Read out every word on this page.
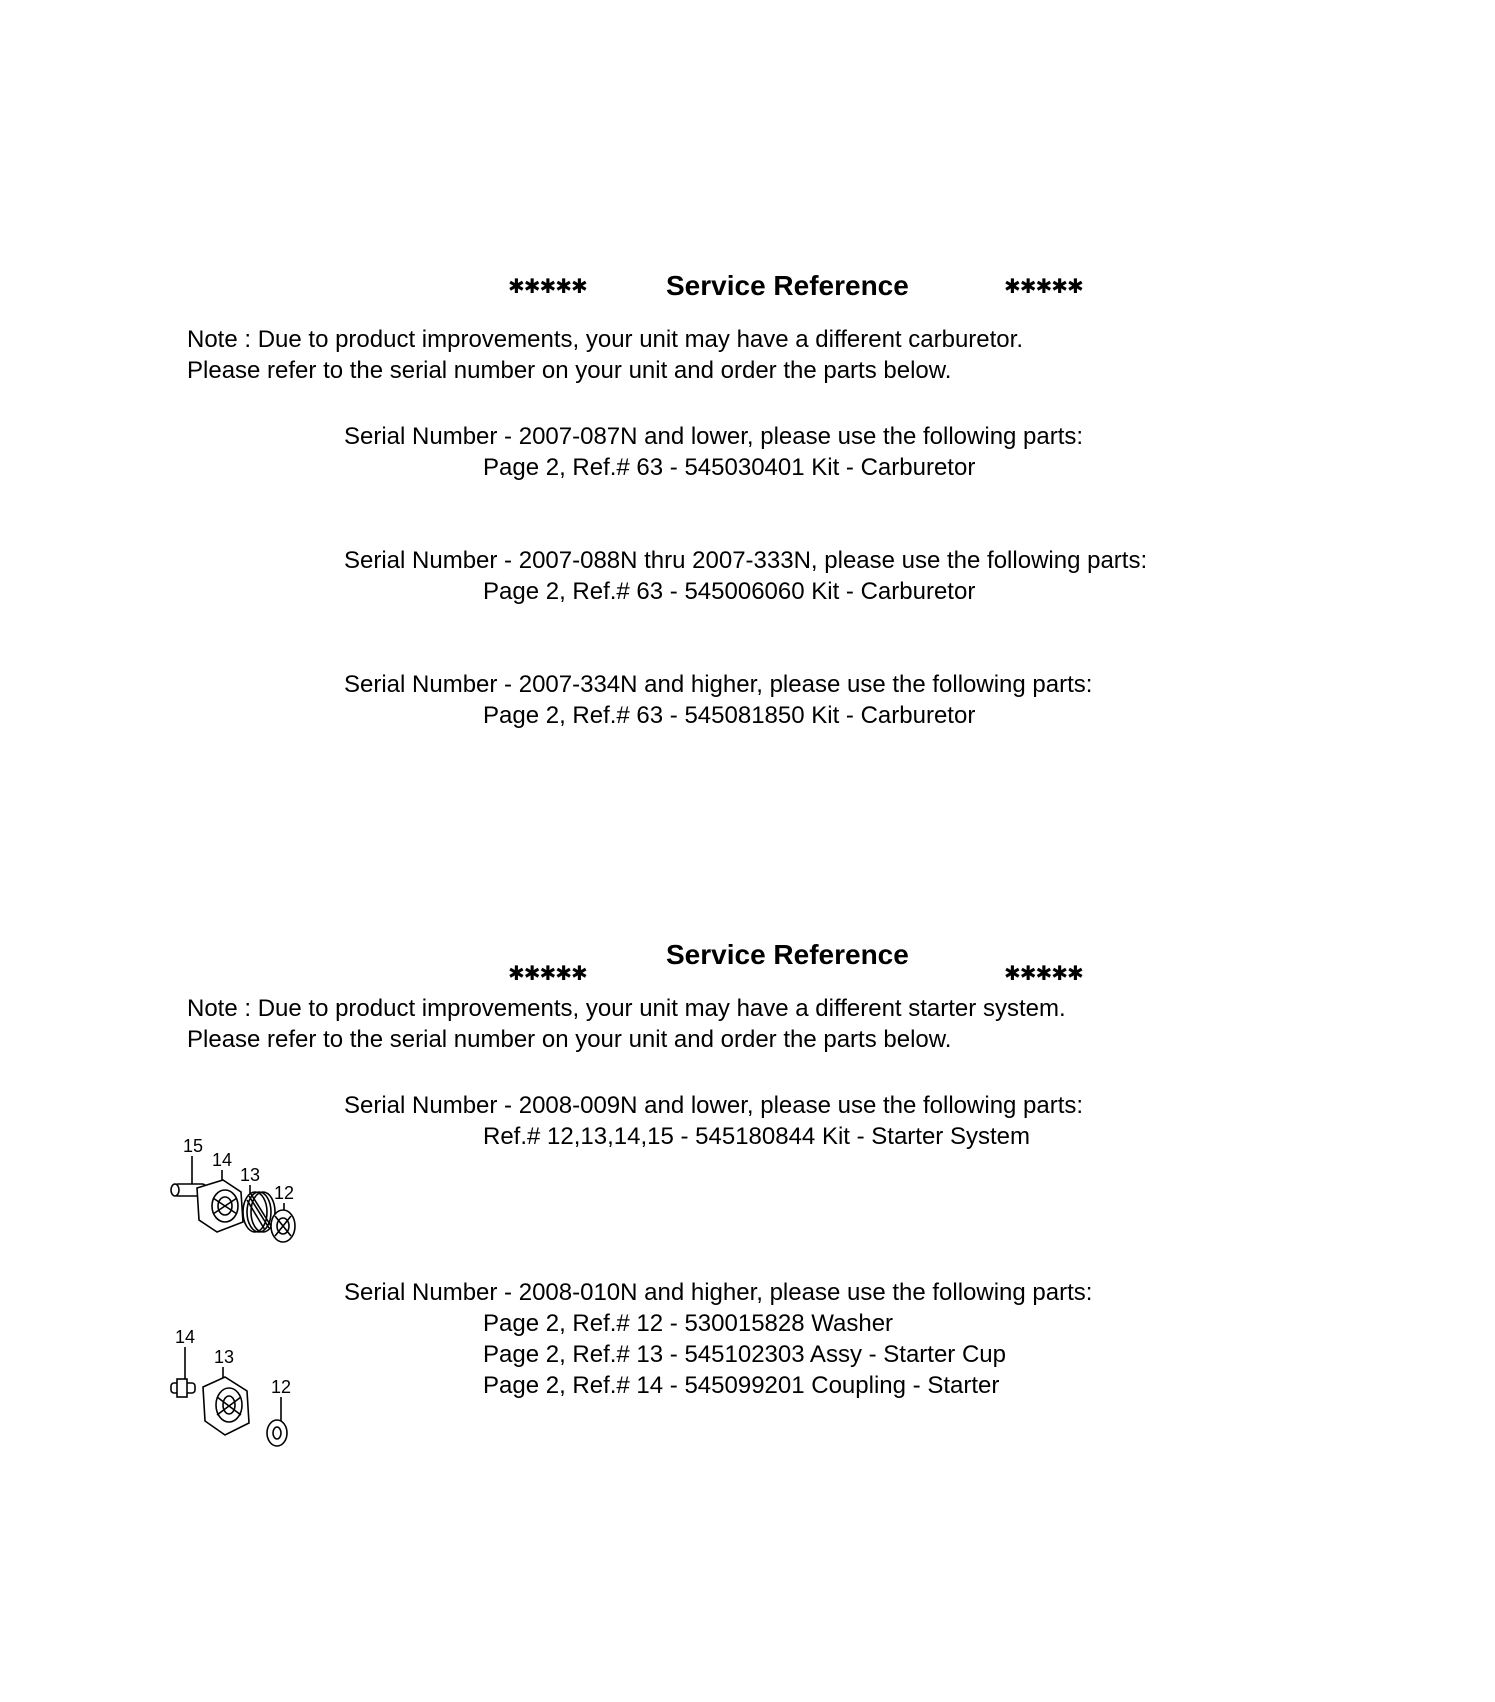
✱✱✱✱✱	Service Reference	✱✱✱✱✱
Note : Due to product improvements, your unit may have a different carburetor.
Please refer to the serial number on your unit and order the parts below.
Serial Number - 2007-087N and lower, please use the following parts:
Page 2, Ref.# 63 - 545030401 Kit - Carburetor
Serial Number - 2007-088N thru 2007-333N, please use the following parts:
Page 2, Ref.# 63 - 545006060 Kit - Carburetor
Serial Number - 2007-334N and higher, please use the following parts:
Page 2, Ref.# 63 - 545081850 Kit - Carburetor
✱✱✱✱✱
Service Reference
✱✱✱✱✱
Note : Due to product improvements, your unit may have a different starter system.
Please refer to the serial number on your unit and order the parts below.
Serial Number - 2008-009N and lower, please use the following parts:
Ref.# 12,13,14,15 - 545180844 Kit - Starter System
15
14
13
12
Serial Number - 2008-010N and higher, please use the following parts:
Page 2, Ref.# 12 - 530015828 Washer
Page 2, Ref.# 13 - 545102303 Assy - Starter Cup
Page 2, Ref.# 14 - 545099201 Coupling - Starter
14
13
12
